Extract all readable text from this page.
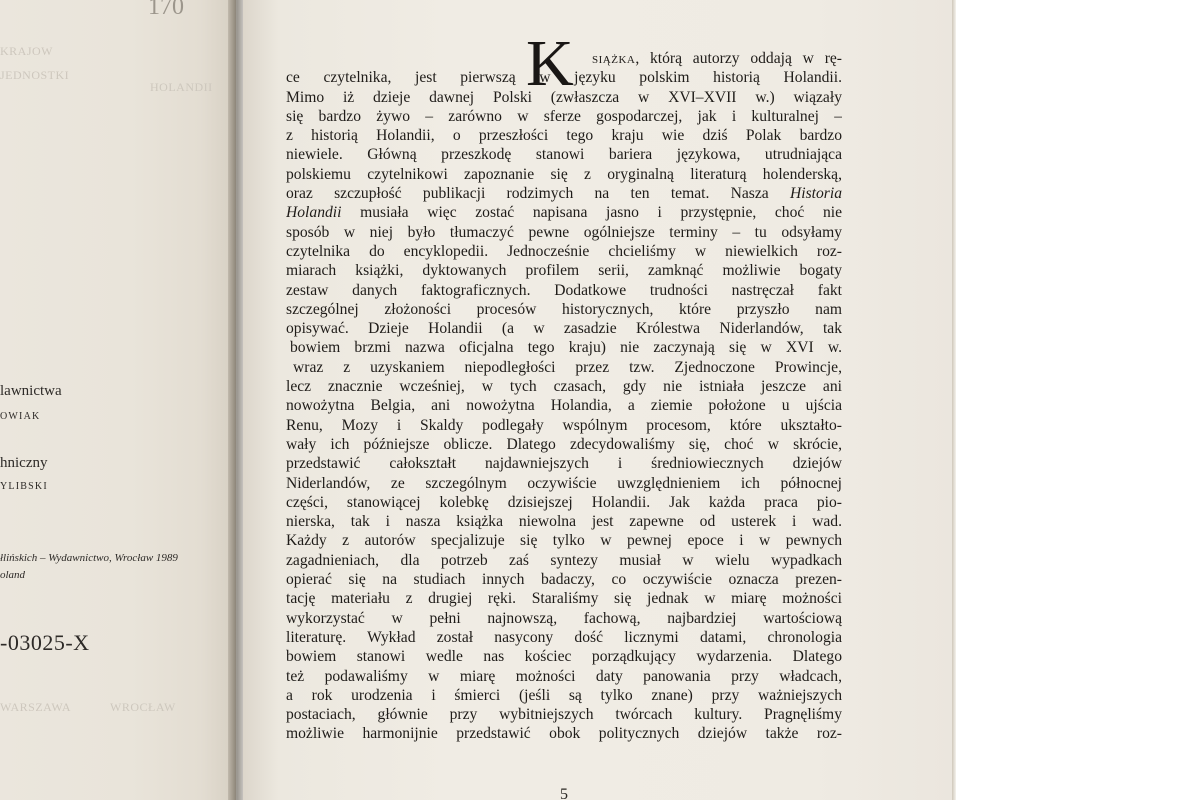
170
KRAJOW
JEDNOSTKI
HOLANDII
WARSZAWA	WROCŁAW
lawnictwa
OWIAK
hniczny
YLIBSKI
łlińskich – Wydawnictwo, Wrocław 1989
oland
-03025-X
K	siążka, którą autorzy oddają w rę-
ce czytelnika, jest pierwszą w języku polskim historią Holandii.
Mimo iż dzieje dawnej Polski (zwłaszcza w XVI–XVII w.) wiązały
się bardzo żywo – zarówno w sferze gospodarczej, jak i kulturalnej –
z historią Holandii, o przeszłości tego kraju wie dziś Polak bardzo
niewiele. Główną przeszkodę stanowi bariera językowa, utrudniająca
polskiemu czytelnikowi zapoznanie się z oryginalną literaturą holenderską,
oraz szczupłość publikacji rodzimych na ten temat. Nasza Historia
Holandii musiała więc zostać napisana jasno i przystępnie, choć nie
sposób w niej było tłumaczyć pewne ogólniejsze terminy – tu odsyłamy
czytelnika do encyklopedii. Jednocześnie chcieliśmy w niewielkich roz-
miarach książki, dyktowanych profilem serii, zamknąć możliwie bogaty
zestaw danych faktograficznych. Dodatkowe trudności nastręczał fakt
szczególnej złożoności procesów historycznych, które przyszło nam
opisywać. Dzieje Holandii (a w zasadzie Królestwa Niderlandów, tak
bowiem brzmi nazwa oficjalna tego kraju) nie zaczynają się w XVI w.
wraz z uzyskaniem niepodległości przez tzw. Zjednoczone Prowincje,
lecz znacznie wcześniej, w tych czasach, gdy nie istniała jeszcze ani
nowożytna Belgia, ani nowożytna Holandia, a ziemie położone u ujścia
Renu, Mozy i Skaldy podlegały wspólnym procesom, które ukształto-
wały ich późniejsze oblicze. Dlatego zdecydowaliśmy się, choć w skrócie,
przedstawić całokształt najdawniejszych i średniowiecznych dziejów
Niderlandów, ze szczególnym oczywiście uwzględnieniem ich północnej
części, stanowiącej kolebkę dzisiejszej Holandii. Jak każda praca pio-
nierska, tak i nasza książka niewolna jest zapewne od usterek i wad.
Każdy z autorów specjalizuje się tylko w pewnej epoce i w pewnych
zagadnieniach, dla potrzeb zaś syntezy musiał w wielu wypadkach
opierać się na studiach innych badaczy, co oczywiście oznacza prezen-
tację materiału z drugiej ręki. Staraliśmy się jednak w miarę możności
wykorzystać w pełni najnowszą, fachową, najbardziej wartościową
literaturę. Wykład został nasycony dość licznymi datami, chronologia
bowiem stanowi wedle nas kościec porządkujący wydarzenia. Dlatego
też podawaliśmy w miarę możności daty panowania przy władcach,
a rok urodzenia i śmierci (jeśli są tylko znane) przy ważniejszych
postaciach, głównie przy wybitniejszych twórcach kultury. Pragnęliśmy
możliwie harmonijnie przedstawić obok politycznych dziejów także roz-
5
